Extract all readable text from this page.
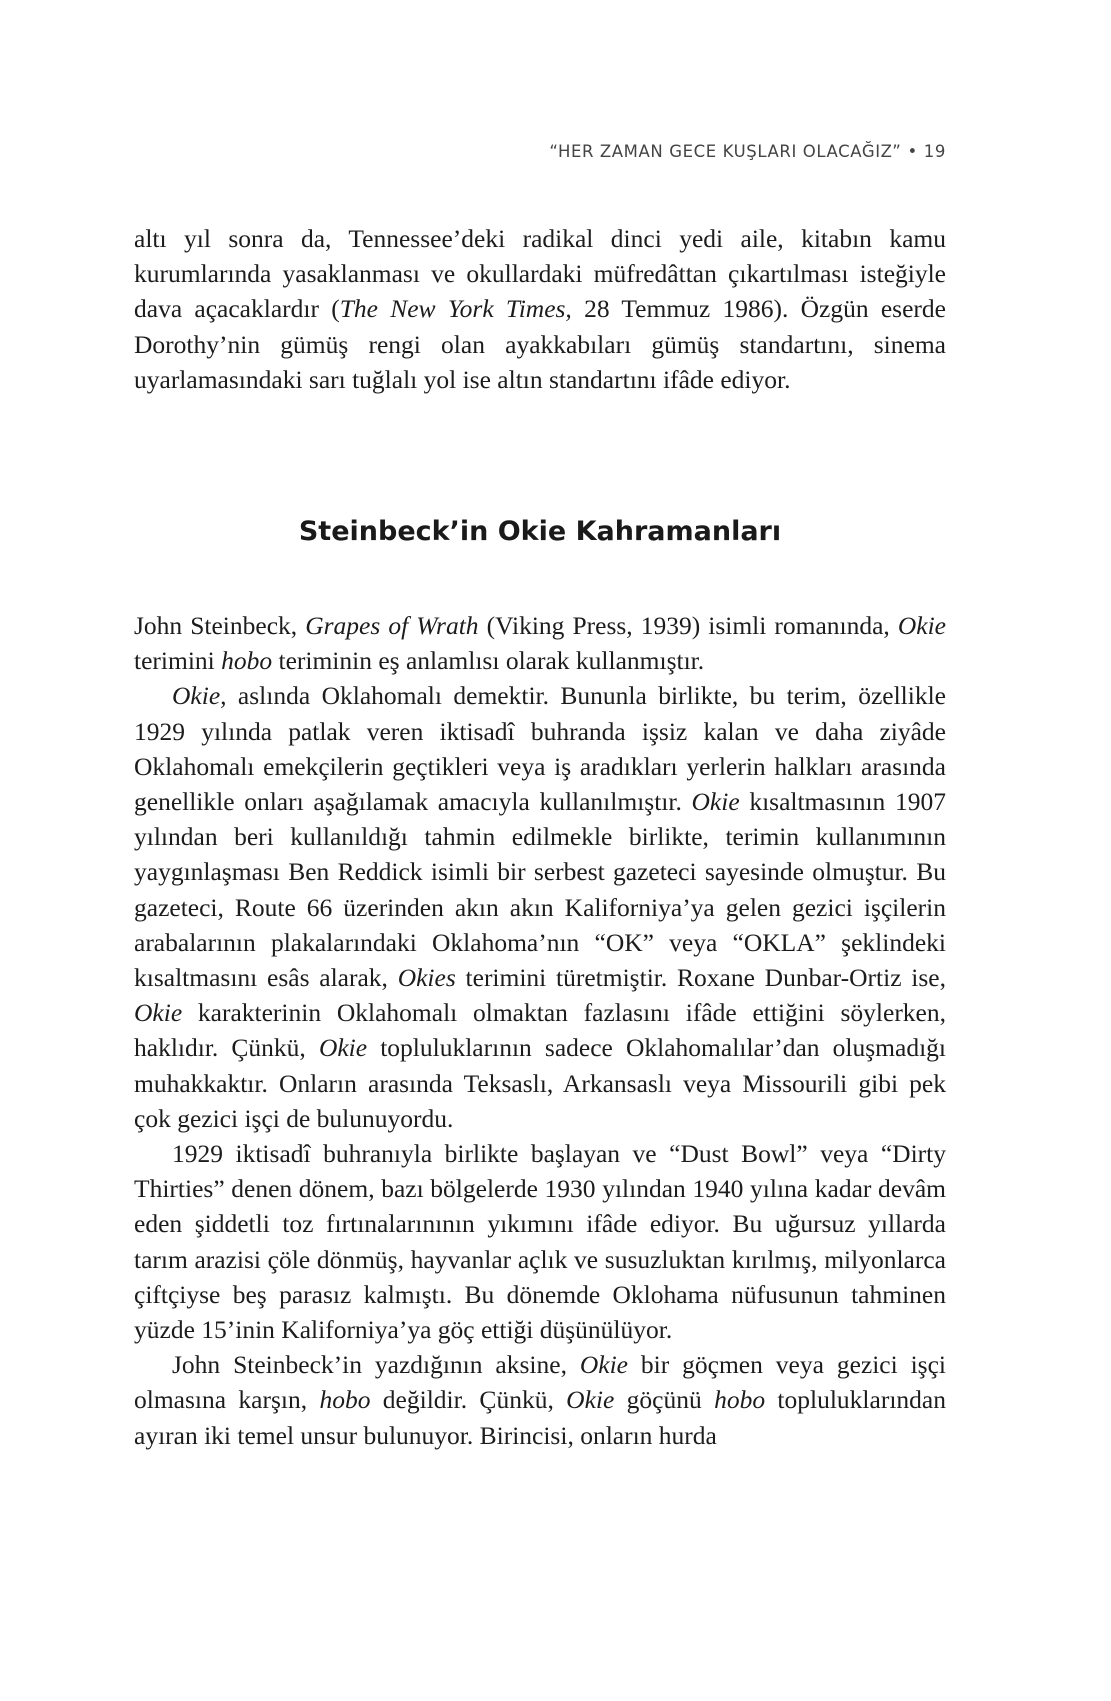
“HER ZAMAN GECE KUŞLARI OLACAĞIZ” • 19

altı yıl sonra da, Tennessee’deki radikal dinci yedi aile, kitabın kamu kurumlarında yasaklanması ve okullardaki müfredâttan çıkartılması isteğiyle dava açacaklardır (The New York Times, 28 Temmuz 1986). Özgün eserde Dorothy’nin gümüş rengi olan ayakkabıları gümüş standartını, sinema uyarlamasındaki sarı tuğlalı yol ise altın standartını ifâde ediyor.

Steinbeck’in Okie Kahramanları

John Steinbeck, Grapes of Wrath (Viking Press, 1939) isimli romanında, Okie terimini hobo teriminin eş anlamlısı olarak kullanmıştır.

Okie, aslında Oklahomalı demektir. Bununla birlikte, bu terim, özellikle 1929 yılında patlak veren iktisadî buhranda işsiz kalan ve daha ziyâde Oklahomalı emekçilerin geçtikleri veya iş aradıkları yerlerin halkları arasında genellikle onları aşağılamak amacıyla kullanılmıştır. Okie kısaltmasının 1907 yılından beri kullanıldığı tahmin edilmekle birlikte, terimin kullanımının yaygınlaşması Ben Reddick isimli bir serbest gazeteci sayesinde olmuştur. Bu gazeteci, Route 66 üzerinden akın akın Kaliforniya’ya gelen gezici işçilerin arabalarının plakalarındaki Oklahoma’nın “OK” veya “OKLA” şeklindeki kısaltmasını esâs alarak, Okies terimini türetmiştir. Roxane Dunbar-Ortiz ise, Okie karakterinin Oklahomalı olmaktan fazlasını ifâde ettiğini söylerken, haklıdır. Çünkü, Okie topluluklarının sadece Oklahomalılar’dan oluşmadığı muhakkaktır. Onların arasında Teksaslı, Arkansaslı veya Missourili gibi pek çok gezici işçi de bulunuyordu.

1929 iktisadî buhranıyla birlikte başlayan ve “Dust Bowl” veya “Dirty Thirties” denen dönem, bazı bölgelerde 1930 yılından 1940 yılına kadar devâm eden şiddetli toz fırtınalarınının yıkımını ifâde ediyor. Bu uğursuz yıllarda tarım arazisi çöle dönmüş, hayvanlar açlık ve susuzluktan kırılmış, milyonlarca çiftçiyse beş parasız kalmıştı. Bu dönemde Oklohama nüfusunun tahminen yüzde 15’inin Kaliforniya’ya göç ettiği düşünülüyor.

John Steinbeck’in yazdığının aksine, Okie bir göçmen veya gezici işçi olmasına karşın, hobo değildir. Çünkü, Okie göçünü hobo topluluklarından ayıran iki temel unsur bulunuyor. Birincisi, onların hurda
